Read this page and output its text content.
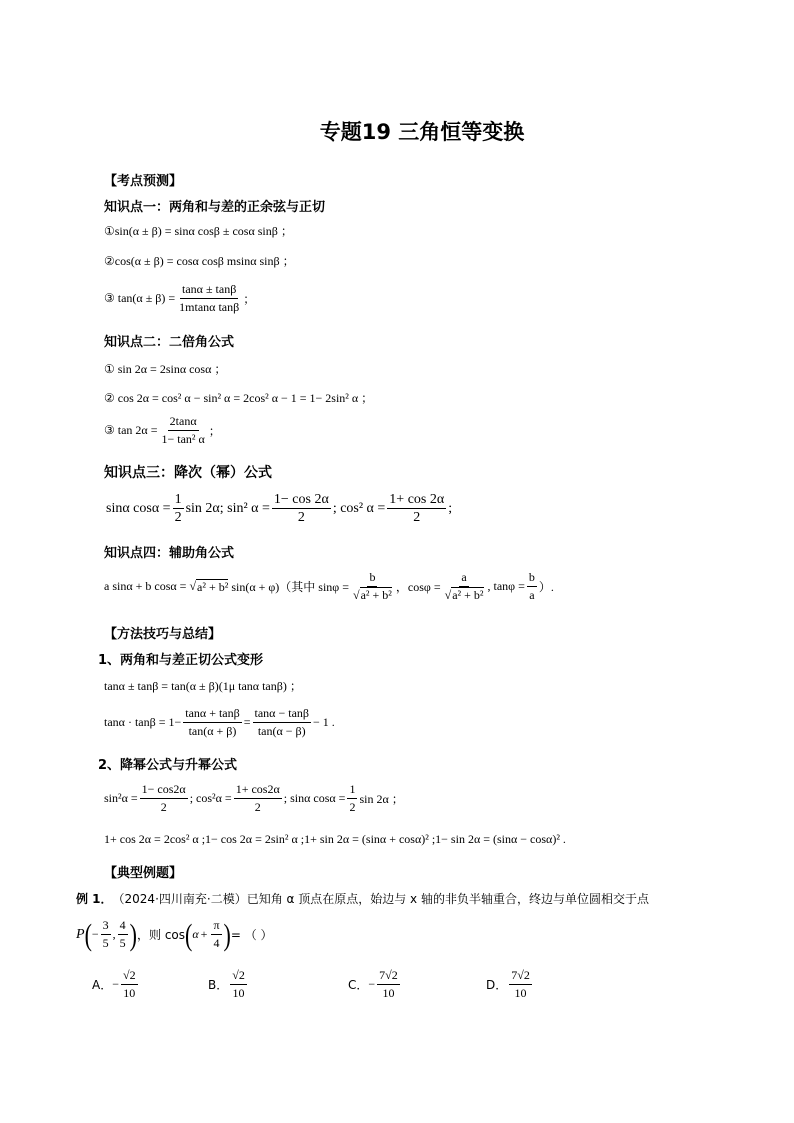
专题19 三角恒等变换
【考点预测】
知识点一：两角和与差的正余弦与正切
①sin(α ± β) = sinα cosβ ± cosα sinβ ；
②cos(α ± β) = cosα cosβ msinα sinβ ；
③ $\tan(\alpha \pm \beta) = \frac{\tan\alpha \pm \tan\beta}{\text{1mtanα tanβ}}$ ；
知识点二：二倍角公式
① sin 2α = 2sinα cosα ；
② cos 2α = cos² α − sin² α = 2cos² α − 1 = 1− 2sin² α ；
③ $\tan 2\alpha = \frac{2\tan\alpha}{\text{1− tan² α}}$ ；
知识点三：降次（幂）公式
sinα $\cos\alpha = \frac{1}{2}$ sin 2α; sin² $\alpha = \frac{1- \cos 2\alpha}{2}$ ; cos² $\alpha = \frac{1+ \cos 2\alpha}{2}$ ;
知识点四：辅助角公式
a sinα + b cosα = √ a² + b² sin(α + φ)（其中 $\sin\varphi = \frac{b}{\text{√a² + b²}}$ ，$\cos\varphi = \frac{a}{\text{√a² + b²}}$ , $\tan\varphi = \frac{b}{a}$ ）.
【方法技巧与总结】
1、两角和与差正切公式变形
tanα ± tanβ = tan(α ± β)(1μ tanα tanβ) ；
$\tan\alpha \cdot \tan\beta = 1- \frac{\tan\alpha + \tan\beta}{\tan(\alpha + \beta)} = \frac{\tan\alpha - \tan\beta}{\tan(\alpha - \beta)} - 1$ .
2、降幂公式与升幂公式
$\sin^2\alpha = \frac{1- \cos 2\alpha}{2}$ ; $\cos^2\alpha = \frac{1+ \cos 2\alpha}{2}$ ; sinα $\cos\alpha = \frac{1}{2}$ sin 2α ；
1+ cos 2α = 2cos² α ;1− cos 2α = 2sin² α ;1+ sin 2α = (sinα + cosα)² ;1− sin 2α = (sinα − cosα)² .
【典型例题】
例 1． （2024·四川南充·二模）已知角 α 顶点在原点，始边与 x 轴的非负半轴重合，终边与单位圆相交于点
P ( − $\frac{3}{5}$ , $\frac{4}{5}$ ) ，则 cos ( $\alpha + \frac{\pi}{4}$ ) = （ ）
A． − $\frac{√2}{10}$	B． $\frac{√2}{10}$	C． − $\frac{7√2}{10}$	D． $\frac{7√2}{10}$
